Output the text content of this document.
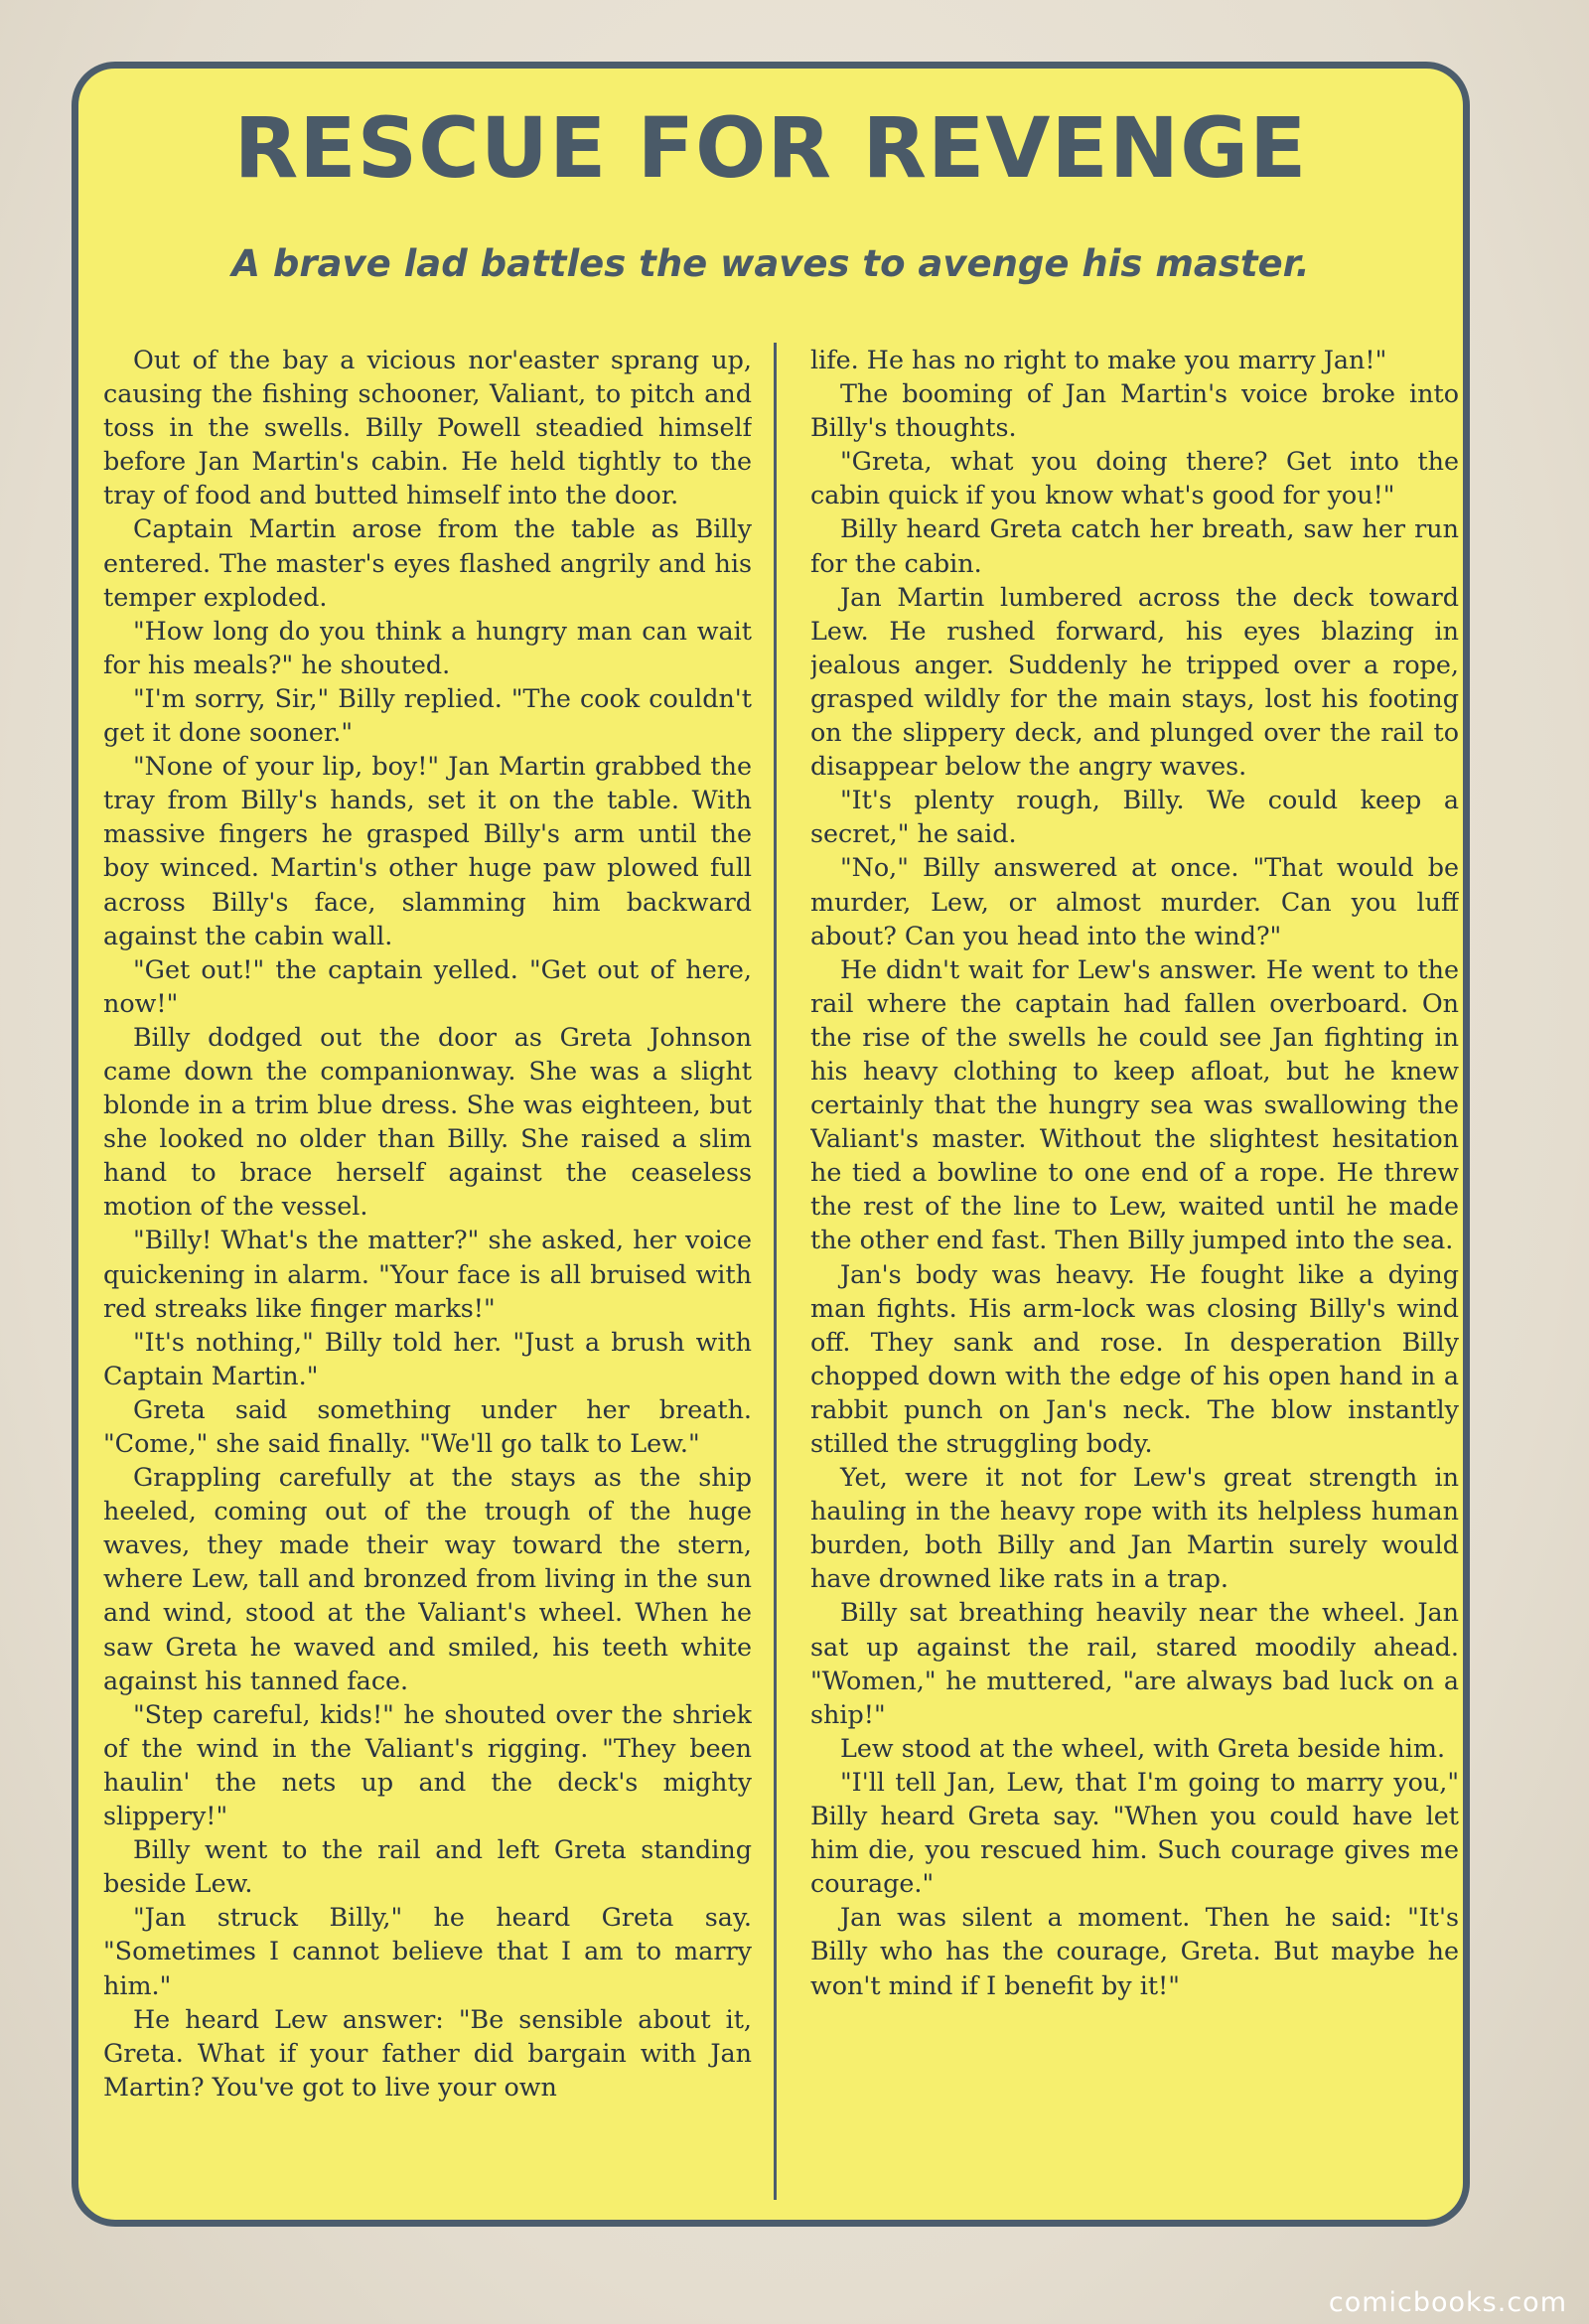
RESCUE FOR REVENGE
A brave lad battles the waves to avenge his master.

Out of the bay a vicious nor'easter sprang up, causing the fishing schooner, Valiant, to pitch and toss in the swells. Billy Powell steadied himself before Jan Martin's cabin. He held tightly to the tray of food and butted himself into the door.

Captain Martin arose from the table as Billy entered. The master's eyes flashed angrily and his temper exploded.

"How long do you think a hungry man can wait for his meals?" he shouted.

"I'm sorry, Sir," Billy replied. "The cook couldn't get it done sooner."

"None of your lip, boy!" Jan Martin grabbed the tray from Billy's hands, set it on the table. With massive fingers he grasped Billy's arm until the boy winced. Martin's other huge paw plowed full across Billy's face, slamming him backward against the cabin wall.

"Get out!" the captain yelled. "Get out of here, now!"

Billy dodged out the door as Greta Johnson came down the companionway. She was a slight blonde in a trim blue dress. She was eighteen, but she looked no older than Billy. She raised a slim hand to brace herself against the ceaseless motion of the vessel.

"Billy! What's the matter?" she asked, her voice quickening in alarm. "Your face is all bruised with red streaks like finger marks!"

"It's nothing," Billy told her. "Just a brush with Captain Martin."

Greta said something under her breath. "Come," she said finally. "We'll go talk to Lew."

Grappling carefully at the stays as the ship heeled, coming out of the trough of the huge waves, they made their way toward the stern, where Lew, tall and bronzed from living in the sun and wind, stood at the Valiant's wheel. When he saw Greta he waved and smiled, his teeth white against his tanned face.

"Step careful, kids!" he shouted over the shriek of the wind in the Valiant's rigging. "They been haulin' the nets up and the deck's mighty slippery!"

Billy went to the rail and left Greta standing beside Lew.

"Jan struck Billy," he heard Greta say. "Sometimes I cannot believe that I am to marry him."

He heard Lew answer: "Be sensible about it, Greta. What if your father did bargain with Jan Martin? You've got to live your own

life. He has no right to make you marry Jan!"

The booming of Jan Martin's voice broke into Billy's thoughts.

"Greta, what you doing there? Get into the cabin quick if you know what's good for you!"

Billy heard Greta catch her breath, saw her run for the cabin.

Jan Martin lumbered across the deck toward Lew. He rushed forward, his eyes blazing in jealous anger. Suddenly he tripped over a rope, grasped wildly for the main stays, lost his footing on the slippery deck, and plunged over the rail to disappear below the angry waves.

"It's plenty rough, Billy. We could keep a secret," he said.

"No," Billy answered at once. "That would be murder, Lew, or almost murder. Can you luff about? Can you head into the wind?"

He didn't wait for Lew's answer. He went to the rail where the captain had fallen overboard. On the rise of the swells he could see Jan fighting in his heavy clothing to keep afloat, but he knew certainly that the hungry sea was swallowing the Valiant's master. Without the slightest hesitation he tied a bowline to one end of a rope. He threw the rest of the line to Lew, waited until he made the other end fast. Then Billy jumped into the sea.

Jan's body was heavy. He fought like a dying man fights. His arm-lock was closing Billy's wind off. They sank and rose. In desperation Billy chopped down with the edge of his open hand in a rabbit punch on Jan's neck. The blow instantly stilled the struggling body.

Yet, were it not for Lew's great strength in hauling in the heavy rope with its helpless human burden, both Billy and Jan Martin surely would have drowned like rats in a trap.

Billy sat breathing heavily near the wheel. Jan sat up against the rail, stared moodily ahead. "Women," he muttered, "are always bad luck on a ship!"

Lew stood at the wheel, with Greta beside him.

"I'll tell Jan, Lew, that I'm going to marry you," Billy heard Greta say. "When you could have let him die, you rescued him. Such courage gives me courage."

Jan was silent a moment. Then he said: "It's Billy who has the courage, Greta. But maybe he won't mind if I benefit by it!"

comicbooks.com
